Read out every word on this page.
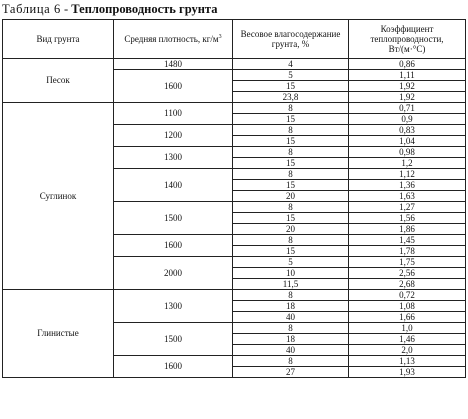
Таблица 6 - Теплопроводность грунта
Вид грунта	Средняя плотность, $кг/м^3$	Весовое влагосодержание грунта, %	Коэффициент теплопроводности, Вт/(м·°С)
Песок	1480	4	0,86
	1600	5	1,11
		15	1,92
		23,8	1,92
Суглинок	1100	8	0,71
		15	0,9
	1200	8	0,83
		15	1,04
	1300	8	0,98
		15	1,2
	1400	8	1,12
		15	1,36
		20	1,63
	1500	8	1,27
		15	1,56
		20	1,86
	1600	8	1,45
		15	1,78
	2000	5	1,75
		10	2,56
		11,5	2,68
Глинистые	1300	8	0,72
		18	1,08
		40	1,66
	1500	8	1,0
		18	1,46
		40	2,0
	1600	8	1,13
		27	1,93
